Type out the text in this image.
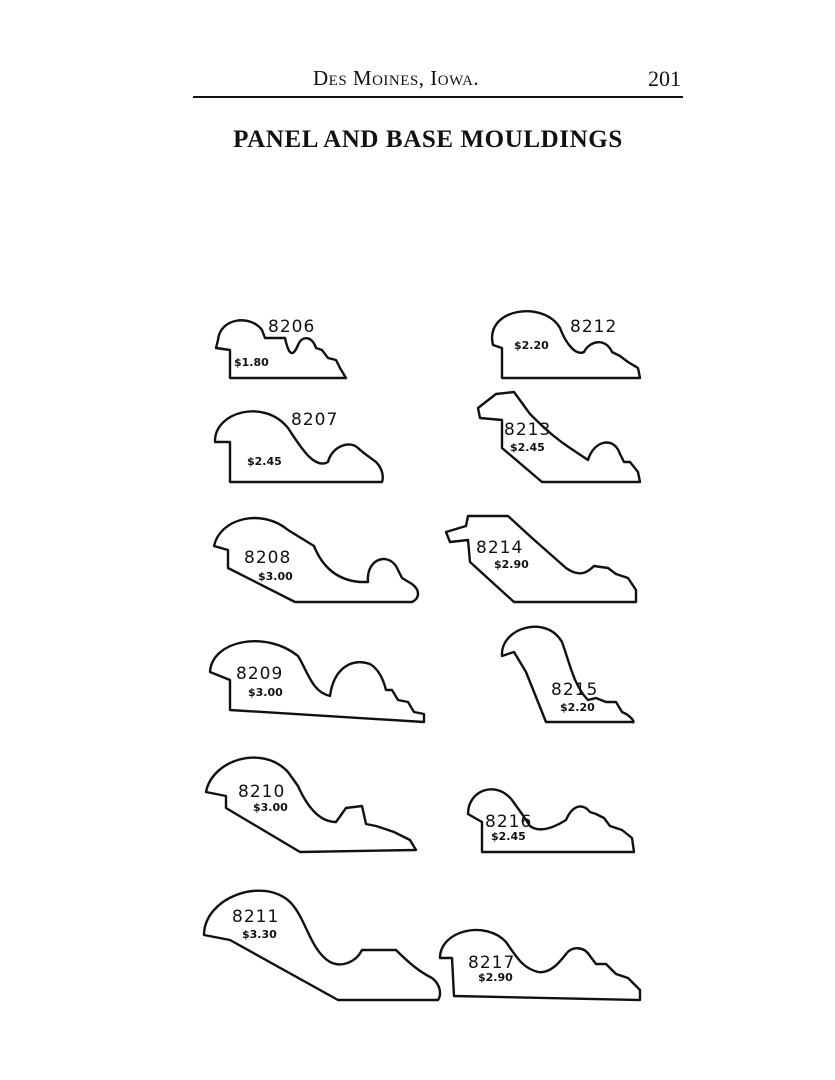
Des Moines, Iowa.	201
PANEL AND BASE MOULDINGS
8206
$1.80
8207
$2.45
8208
$3.00
8209
$3.00
8210
$3.00
8211
$3.30
8212
$2.20
8213
$2.45
8214
$2.90
8215
$2.20
8216
$2.45
8217
$2.90
